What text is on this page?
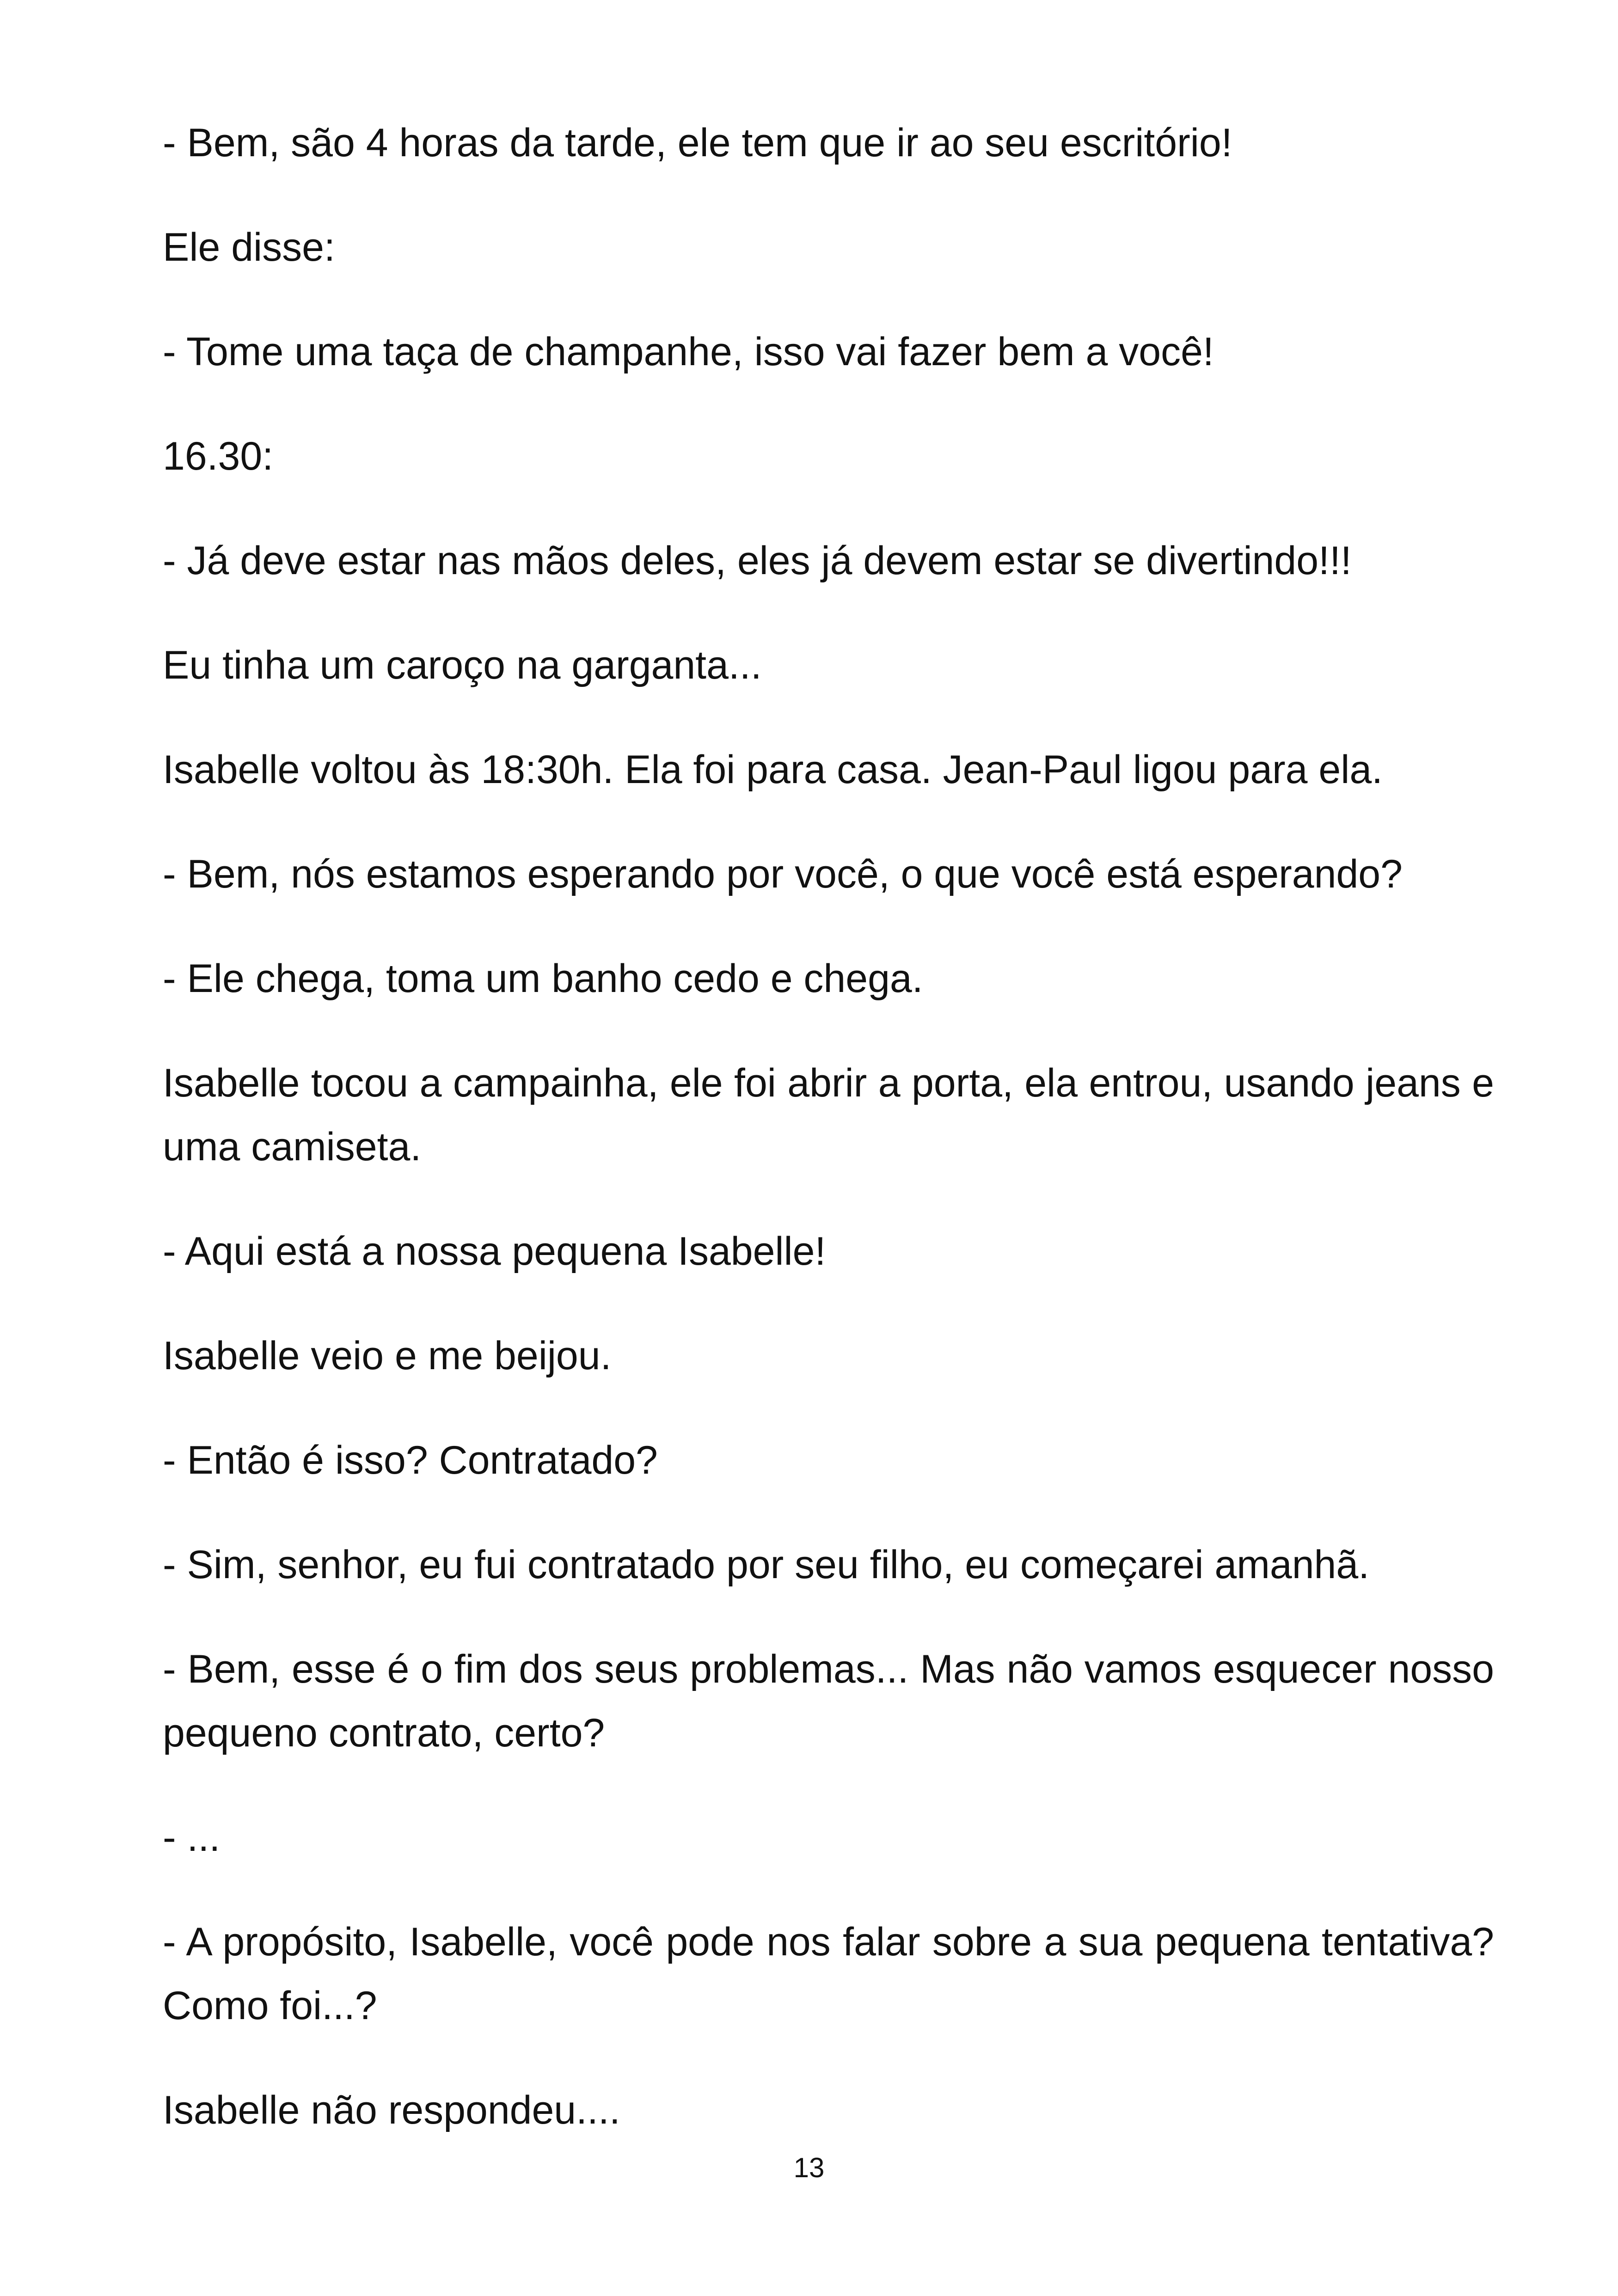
- Bem, são 4 horas da tarde, ele tem que ir ao seu escritório!

Ele disse:

- Tome uma taça de champanhe, isso vai fazer bem a você!

16.30:

- Já deve estar nas mãos deles, eles já devem estar se divertindo!!!

Eu tinha um caroço na garganta...

Isabelle voltou às 18:30h. Ela foi para casa. Jean-Paul ligou para ela.

- Bem, nós estamos esperando por você, o que você está esperando?

- Ele chega, toma um banho cedo e chega.

Isabelle tocou a campainha, ele foi abrir a porta, ela entrou, usando jeans e uma camiseta.

- Aqui está a nossa pequena Isabelle!

Isabelle veio e me beijou.

- Então é isso? Contratado?

- Sim, senhor, eu fui contratado por seu filho, eu começarei amanhã.

- Bem, esse é o fim dos seus problemas... Mas não vamos esquecer nosso pequeno contrato, certo?

- ...

- A propósito, Isabelle, você pode nos falar sobre a sua pequena tentativa? Como foi...?

Isabelle não respondeu....

13
